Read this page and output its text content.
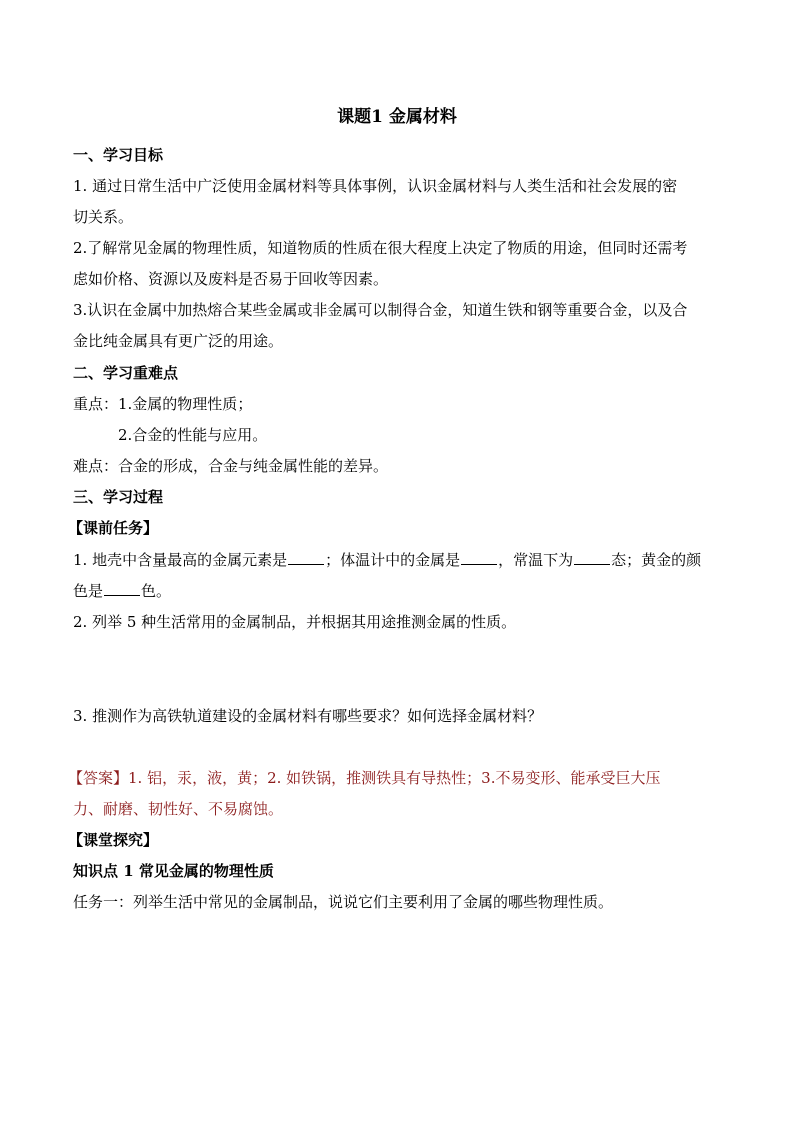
课题1 金属材料
一、学习目标
1. 通过日常生活中广泛使用金属材料等具体事例，认识金属材料与人类生活和社会发展的密
切关系。
2.了解常见金属的物理性质，知道物质的性质在很大程度上决定了物质的用途，但同时还需考
虑如价格、资源以及废料是否易于回收等因素。
3.认识在金属中加热熔合某些金属或非金属可以制得合金，知道生铁和钢等重要合金，以及合
金比纯金属具有更广泛的用途。
二、学习重难点
重点：1.金属的物理性质；
2.合金的性能与应用。
难点：合金的形成，合金与纯金属性能的差异。
三、学习过程
【课前任务】
1. 地壳中含量最高的金属元素是	；体温计中的金属是	，常温下为	态；黄金的颜
色是	色。
2. 列举 5 种生活常用的金属制品，并根据其用途推测金属的性质。
3. 推测作为高铁轨道建设的金属材料有哪些要求？如何选择金属材料？
【答案】1. 铝，汞，液，黄；2. 如铁锅，推测铁具有导热性；3.不易变形、能承受巨大压
力、耐磨、韧性好、不易腐蚀。
【课堂探究】
知识点 1 常见金属的物理性质
任务一：列举生活中常见的金属制品，说说它们主要利用了金属的哪些物理性质。
